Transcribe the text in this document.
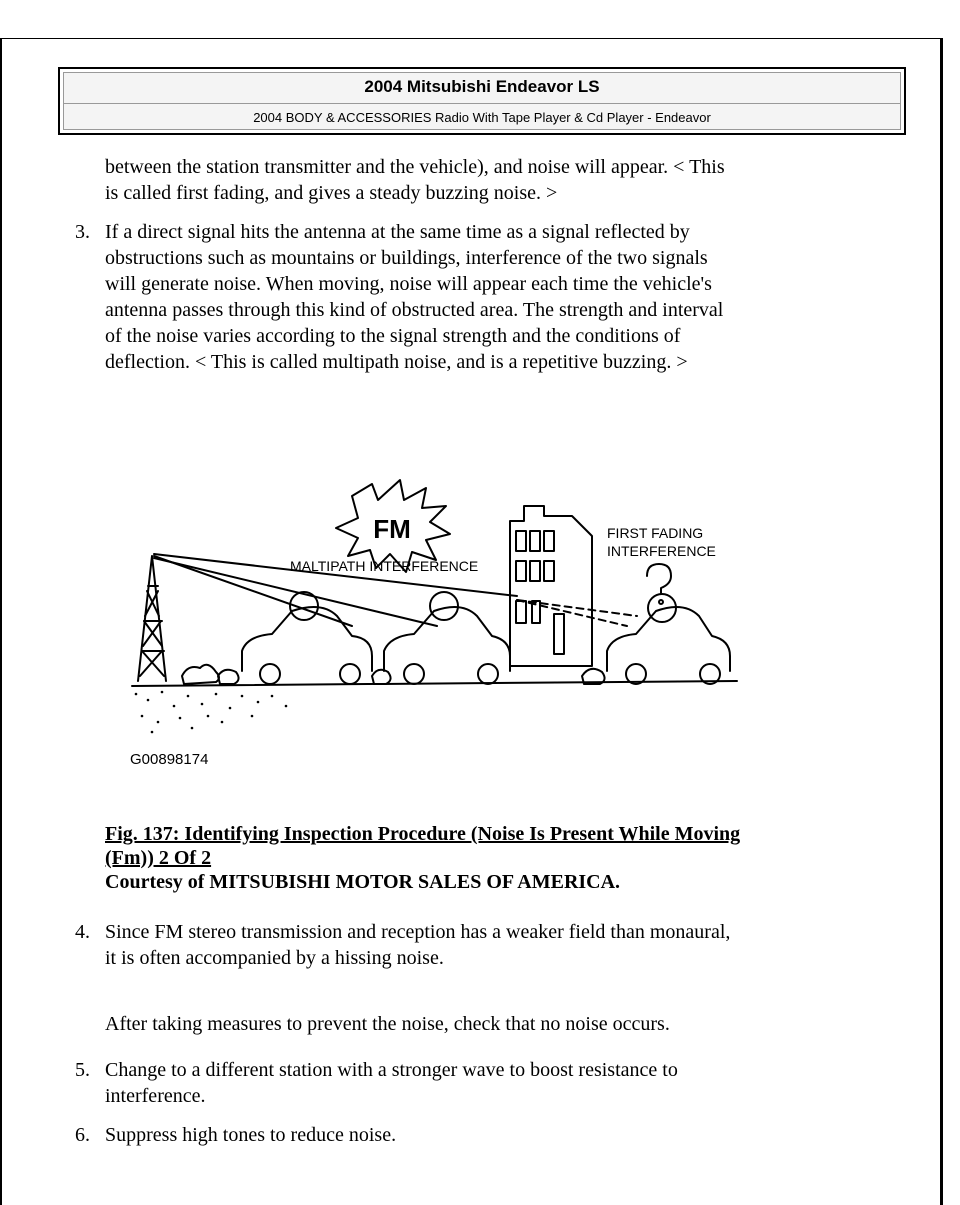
2004 Mitsubishi Endeavor LS
2004 BODY & ACCESSORIES Radio With Tape Player & Cd Player - Endeavor
between the station transmitter and the vehicle), and noise will appear. < This
is called first fading, and gives a steady buzzing noise. >
3. If a direct signal hits the antenna at the same time as a signal reflected by
obstructions such as mountains or buildings, interference of the two signals
will generate noise. When moving, noise will appear each time the vehicle's
antenna passes through this kind of obstructed area. The strength and interval
of the noise varies according to the signal strength and the conditions of
deflection. < This is called multipath noise, and is a repetitive buzzing. >
FM
MALTIPATH INTERFERENCE
FIRST FADING
INTERFERENCE
G00898174
Fig. 137: Identifying Inspection Procedure (Noise Is Present While Moving
(Fm)) 2 Of 2
Courtesy of MITSUBISHI MOTOR SALES OF AMERICA.
4. Since FM stereo transmission and reception has a weaker field than monaural,
it is often accompanied by a hissing noise.
After taking measures to prevent the noise, check that no noise occurs.
5. Change to a different station with a stronger wave to boost resistance to
interference.
6. Suppress high tones to reduce noise.
